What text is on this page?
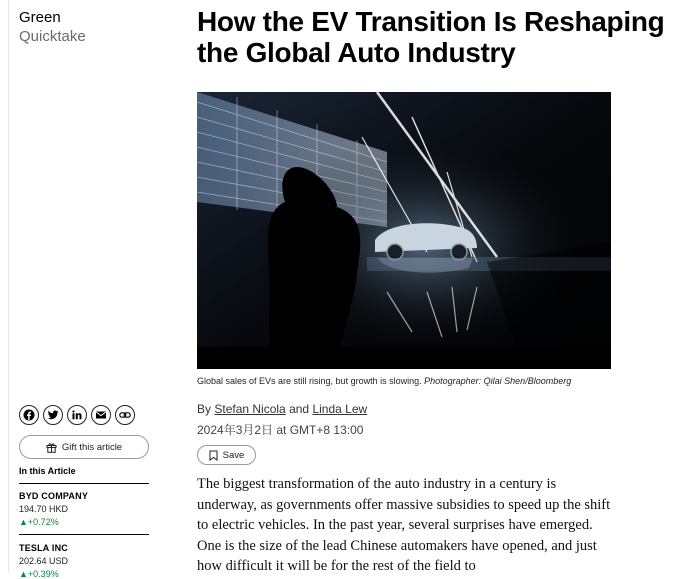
Green
Quicktake	How the EV Transition Is Reshaping the Global Auto Industry
Global sales of EVs are still rising, but growth is slowing. Photographer: Qilai Shen/Bloomberg
Gift this article
In this Article
BYD COMPANY
194.70 HKD
▲+0.72%
TESLA INC
202.64 USD
▲+0.39%
By Stefan Nicola and Linda Lew
2024年3月2日 at GMT+8 13:00
Save

The biggest transformation of the auto industry in a century is underway, as governments offer massive subsidies to speed up the shift to electric vehicles. In the past year, several surprises have emerged. One is the size of the lead Chinese automakers have opened, and just how difficult it will be for the rest of the field to
